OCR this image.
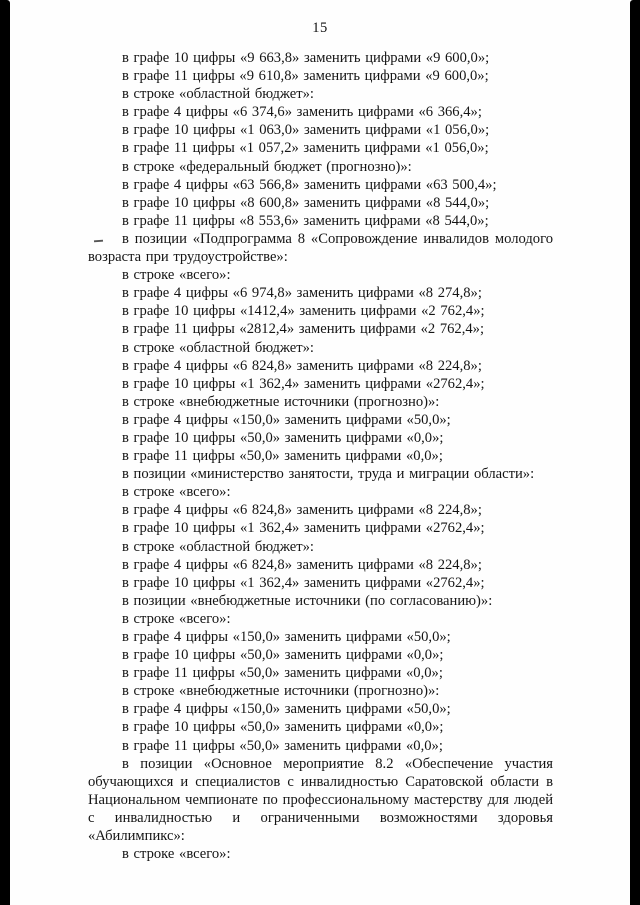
15

в графе 10 цифры «9 663,8» заменить цифрами «9 600,0»;

в графе 11 цифры «9 610,8» заменить цифрами «9 600,0»;

в строке «областной бюджет»:

в графе 4 цифры «6 374,6» заменить цифрами «6 366,4»;

в графе 10 цифры «1 063,0» заменить цифрами «1 056,0»;

в графе 11 цифры «1 057,2» заменить цифрами «1 056,0»;

в строке «федеральный бюджет (прогнозно)»:

в графе 4 цифры «63 566,8» заменить цифрами «63 500,4»;

в графе 10 цифры «8 600,8» заменить цифрами «8 544,0»;

в графе 11 цифры «8 553,6» заменить цифрами «8 544,0»;

в позиции «Подпрограмма 8 «Сопровождение инвалидов молодого возраста при трудоустройстве»:

в строке «всего»:

в графе 4 цифры «6 974,8» заменить цифрами «8 274,8»;

в графе 10 цифры «1412,4» заменить цифрами «2 762,4»;

в графе 11 цифры «2812,4» заменить цифрами «2 762,4»;

в строке «областной бюджет»:

в графе 4 цифры «6 824,8» заменить цифрами «8 224,8»;

в графе 10 цифры «1 362,4» заменить цифрами «2762,4»;

в строке «внебюджетные источники (прогнозно)»:

в графе 4 цифры «150,0» заменить цифрами «50,0»;

в графе 10 цифры «50,0» заменить цифрами «0,0»;

в графе 11 цифры «50,0» заменить цифрами «0,0»;

в позиции «министерство занятости, труда и миграции области»:

в строке «всего»:

в графе 4 цифры «6 824,8» заменить цифрами «8 224,8»;

в графе 10 цифры «1 362,4» заменить цифрами «2762,4»;

в строке «областной бюджет»:

в графе 4 цифры «6 824,8» заменить цифрами «8 224,8»;

в графе 10 цифры «1 362,4» заменить цифрами «2762,4»;

в позиции «внебюджетные источники (по согласованию)»:

в строке «всего»:

в графе 4 цифры «150,0» заменить цифрами «50,0»;

в графе 10 цифры «50,0» заменить цифрами «0,0»;

в графе 11 цифры «50,0» заменить цифрами «0,0»;

в строке «внебюджетные источники (прогнозно)»:

в графе 4 цифры «150,0» заменить цифрами «50,0»;

в графе 10 цифры «50,0» заменить цифрами «0,0»;

в графе 11 цифры «50,0» заменить цифрами «0,0»;

в позиции «Основное мероприятие 8.2 «Обеспечение участия обучающихся и специалистов с инвалидностью Саратовской области в Национальном чемпионате по профессиональному мастерству для людей с инвалидностью и ограниченными возможностями здоровья «Абилимпикс»:

в строке «всего»:
